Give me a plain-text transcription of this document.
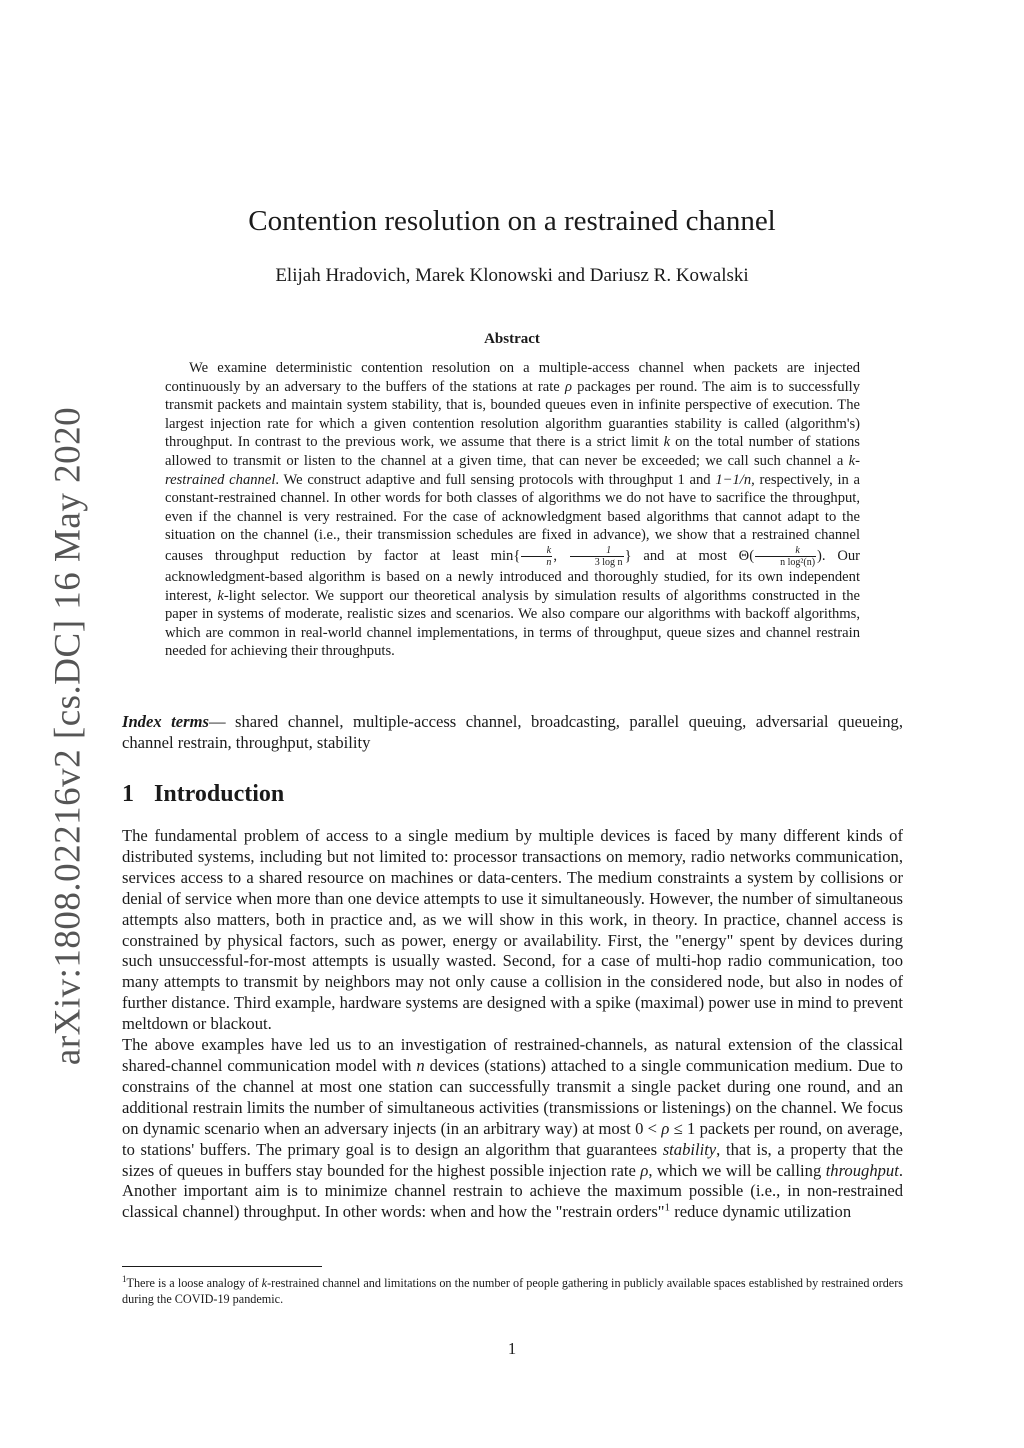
arXiv:1808.02216v2 [cs.DC] 16 May 2020
Contention resolution on a restrained channel
Elijah Hradovich, Marek Klonowski and Dariusz R. Kowalski
Abstract

We examine deterministic contention resolution on a multiple-access channel when packets are injected continuously by an adversary to the buffers of the stations at rate ρ packages per round. The aim is to successfully transmit packets and maintain system stability, that is, bounded queues even in infinite perspective of execution. The largest injection rate for which a given contention resolution algorithm guaranties stability is called (algorithm's) throughput. In contrast to the previous work, we assume that there is a strict limit k on the total number of stations allowed to transmit or listen to the channel at a given time, that can never be exceeded; we call such channel a k-restrained channel. We construct adaptive and full sensing protocols with throughput 1 and 1−1/n, respectively, in a constant-restrained channel. In other words for both classes of algorithms we do not have to sacrifice the throughput, even if the channel is very restrained. For the case of acknowledgment based algorithms that cannot adapt to the situation on the channel (i.e., their transmission schedules are fixed in advance), we show that a restrained channel causes throughput reduction by factor at least $\min\{ \frac{k}{n}$ , $\frac{1}{\text{3 log n}}$ } and at most $\Theta( \frac{k}{\text{n log²(n)}}$ ). Our acknowledgment-based algorithm is based on a newly introduced and thoroughly studied, for its own independent interest, k-light selector. We support our theoretical analysis by simulation results of algorithms constructed in the paper in systems of moderate, realistic sizes and scenarios. We also compare our algorithms with backoff algorithms, which are common in real-world channel implementations, in terms of throughput, queue sizes and channel restrain needed for achieving their throughputs.

Index terms— shared channel, multiple-access channel, broadcasting, parallel queuing, adversarial queueing, channel restrain, throughput, stability

1 Introduction

The fundamental problem of access to a single medium by multiple devices is faced by many different kinds of distributed systems, including but not limited to: processor transactions on memory, radio networks communication, services access to a shared resource on machines or data-centers. The medium constraints a system by collisions or denial of service when more than one device attempts to use it simultaneously. However, the number of simultaneous attempts also matters, both in practice and, as we will show in this work, in theory. In practice, channel access is constrained by physical factors, such as power, energy or availability. First, the "energy" spent by devices during such unsuccessful-for-most attempts is usually wasted. Second, for a case of multi-hop radio communication, too many attempts to transmit by neighbors may not only cause a collision in the considered node, but also in nodes of further distance. Third example, hardware systems are designed with a spike (maximal) power use in mind to prevent meltdown or blackout.

The above examples have led us to an investigation of restrained-channels, as natural extension of the classical shared-channel communication model with n devices (stations) attached to a single communication medium. Due to constrains of the channel at most one station can successfully transmit a single packet during one round, and an additional restrain limits the number of simultaneous activities (transmissions or listenings) on the channel. We focus on dynamic scenario when an adversary injects (in an arbitrary way) at most 0 < ρ ≤ 1 packets per round, on average, to stations' buffers. The primary goal is to design an algorithm that guarantees stability, that is, a property that the sizes of queues in buffers stay bounded for the highest possible injection rate ρ, which we will be calling throughput. Another important aim is to minimize channel restrain to achieve the maximum possible (i.e., in non-restrained classical channel) throughput. In other words: when and how the "restrain orders"$^1$ reduce dynamic utilization

$^1$There is a loose analogy of k-restrained channel and limitations on the number of people gathering in publicly available spaces established by restrained orders during the COVID-19 pandemic.

1
